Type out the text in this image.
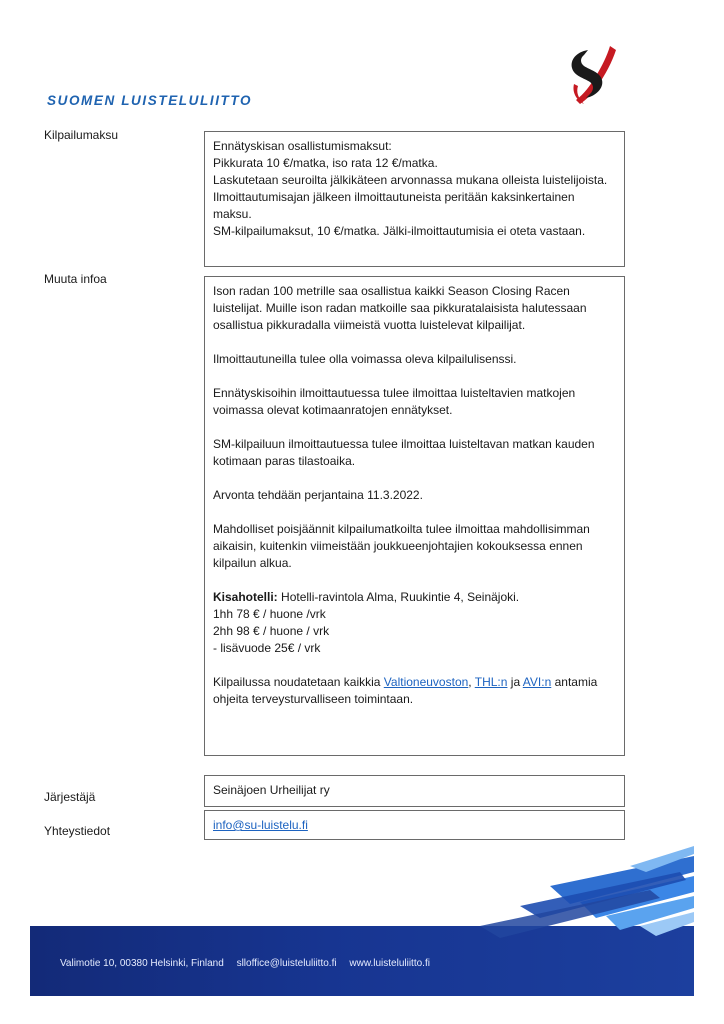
SUOMEN LUISTELULIITTO
Kilpailumaksu

Ennätyskisan osallistumismaksut:

Pikkurata 10 €/matka, iso rata 12 €/matka.

Laskutetaan seuroilta jälkikäteen arvonnassa mukana olleista luistelijoista. Ilmoittautumisajan jälkeen ilmoittautuneista peritään kaksinkertainen maksu.

SM-kilpailumaksut, 10 €/matka. Jälki-ilmoittautumisia ei oteta vastaan.

Muuta infoa

Ison radan 100 metrille saa osallistua kaikki Season Closing Racen luistelijat. Muille ison radan matkoille saa pikkuratalaisista halutessaan osallistua pikkuradalla viimeistä vuotta luistelevat kilpailijat.

Ilmoittautuneilla tulee olla voimassa oleva kilpailulisenssi.

Ennätyskisoihin ilmoittautuessa tulee ilmoittaa luisteltavien matkojen voimassa olevat kotimaanratojen ennätykset.

SM-kilpailuun ilmoittautuessa tulee ilmoittaa luisteltavan matkan kauden kotimaan paras tilastoaika.

Arvonta tehdään perjantaina 11.3.2022.

Mahdolliset poisjäännit kilpailumatkoilta tulee ilmoittaa mahdollisimman aikaisin, kuitenkin viimeistään joukkueenjohtajien kokouksessa ennen kilpailun alkua.

Kisahotelli: Hotelli-ravintola Alma, Ruukintie 4, Seinäjoki.
1hh 78 € / huone /vrk
2hh 98 € / huone / vrk
- lisävuode 25€ / vrk

Kilpailussa noudatetaan kaikkia Valtioneuvoston, THL:n ja AVI:n antamia ohjeita terveysturvalliseen toimintaan.

Järjestäjä	Seinäjoen Urheilijat ry
Yhteystiedot	info@su-luistelu.fi
Valimotie 10, 00380 Helsinki, Finland slloffice@luisteluliitto.fi www.luisteluliitto.fi
